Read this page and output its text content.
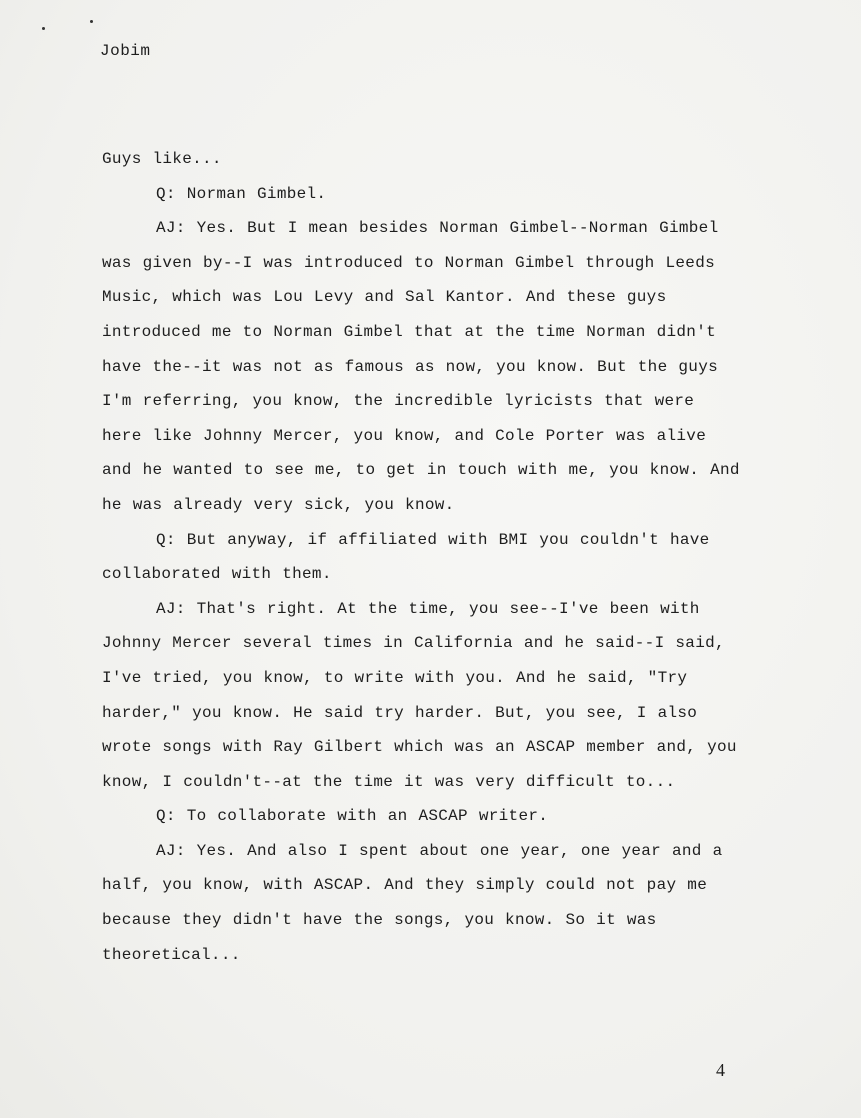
Jobim

Guys like...

Q: Norman Gimbel.

AJ: Yes. But I mean besides Norman Gimbel--Norman Gimbel was given by--I was introduced to Norman Gimbel through Leeds Music, which was Lou Levy and Sal Kantor. And these guys introduced me to Norman Gimbel that at the time Norman didn't have the--it was not as famous as now, you know. But the guys I'm referring, you know, the incredible lyricists that were here like Johnny Mercer, you know, and Cole Porter was alive and he wanted to see me, to get in touch with me, you know. And he was already very sick, you know.

Q: But anyway, if affiliated with BMI you couldn't have collaborated with them.

AJ: That's right. At the time, you see--I've been with Johnny Mercer several times in California and he said--I said, I've tried, you know, to write with you. And he said, "Try harder," you know. He said try harder. But, you see, I also wrote songs with Ray Gilbert which was an ASCAP member and, you know, I couldn't--at the time it was very difficult to...

Q: To collaborate with an ASCAP writer.

AJ: Yes. And also I spent about one year, one year and a half, you know, with ASCAP. And they simply could not pay me because they didn't have the songs, you know. So it was theoretical...

4
